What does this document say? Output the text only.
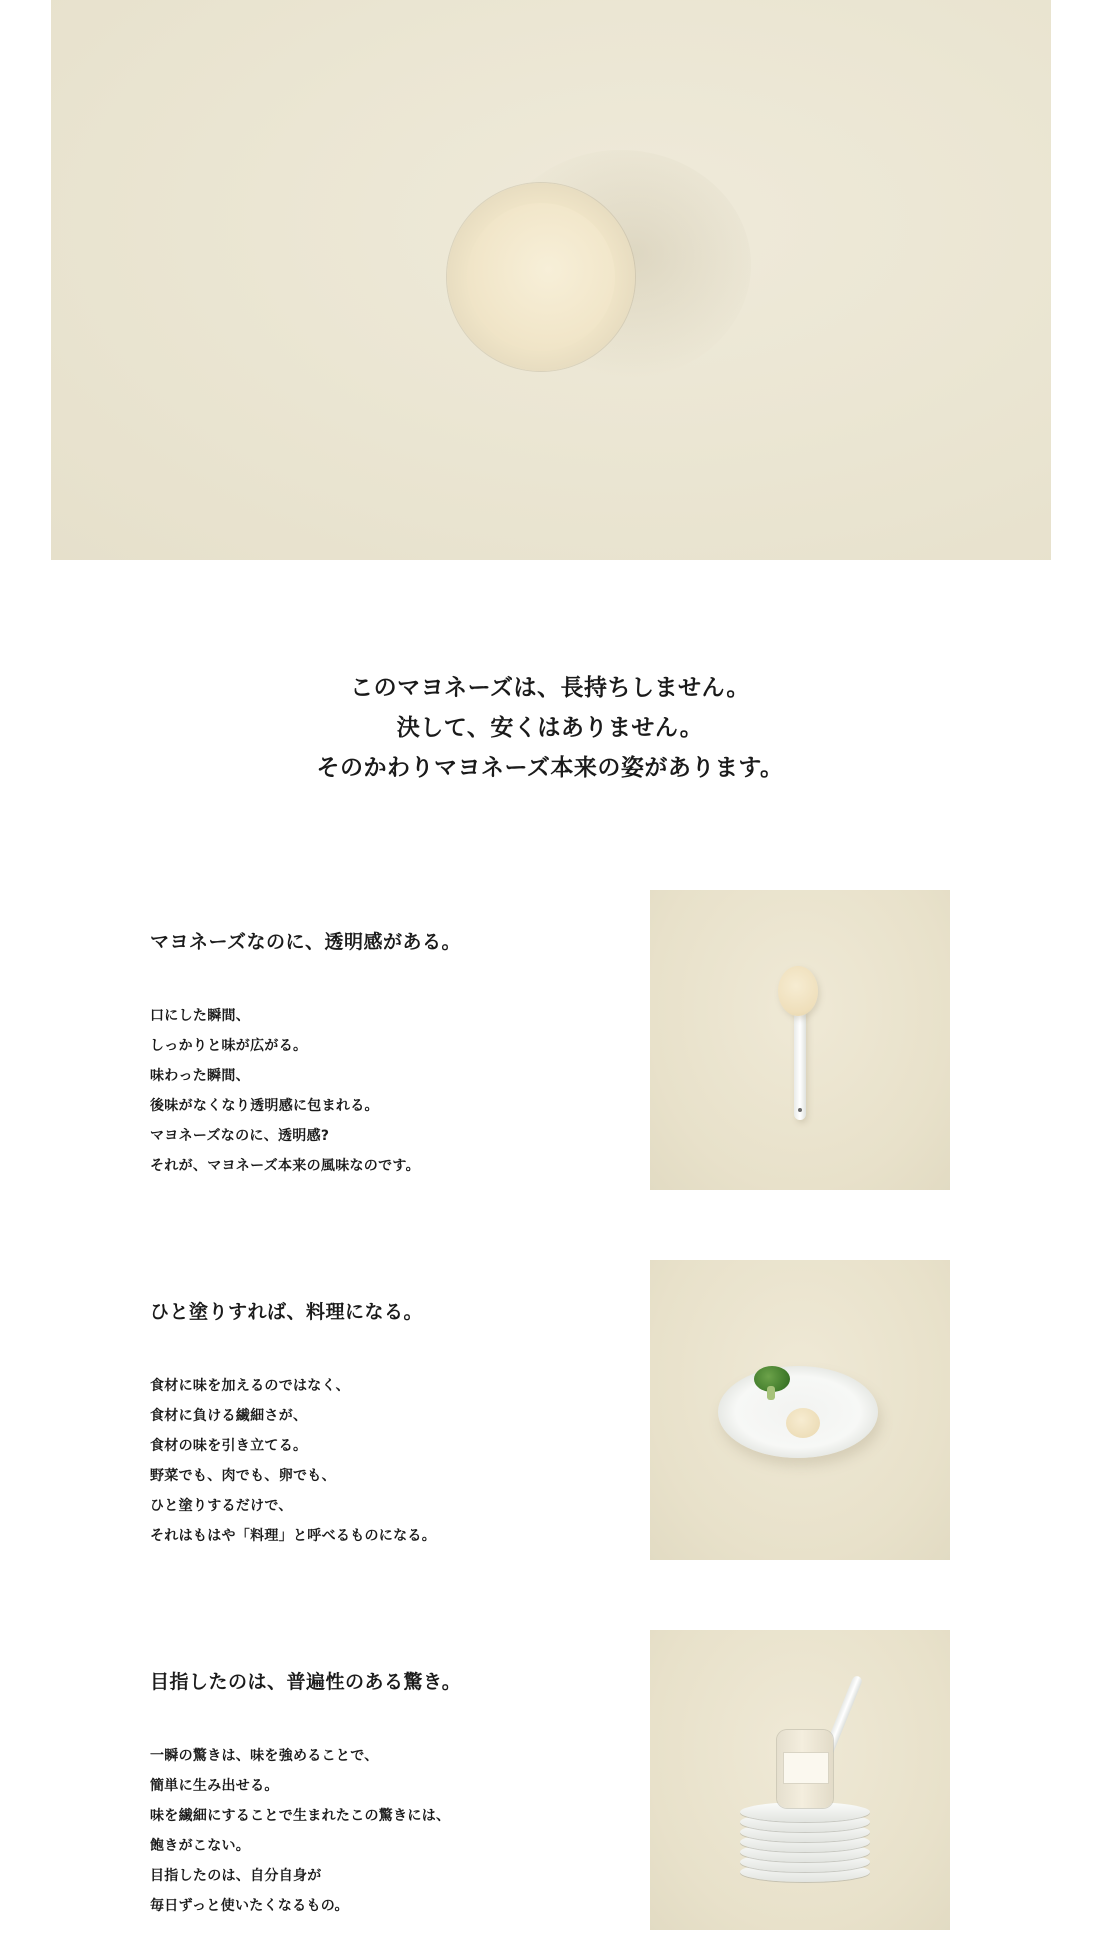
このマヨネーズは、長持ちしません。
決して、安くはありません。
そのかわりマヨネーズ本来の姿があります。
マヨネーズなのに、透明感がある。
口にした瞬間、
しっかりと味が広がる。
味わった瞬間、
後味がなくなり透明感に包まれる。
マヨネーズなのに、透明感?
それが、マヨネーズ本来の風味なのです。
ひと塗りすれば、料理になる。
食材に味を加えるのではなく、
食材に負ける繊細さが、
食材の味を引き立てる。
野菜でも、肉でも、卵でも、
ひと塗りするだけで、
それはもはや「料理」と呼べるものになる。
目指したのは、普遍性のある驚き。
一瞬の驚きは、味を強めることで、
簡単に生み出せる。
味を繊細にすることで生まれたこの驚きには、
飽きがこない。
目指したのは、自分自身が
毎日ずっと使いたくなるもの。
